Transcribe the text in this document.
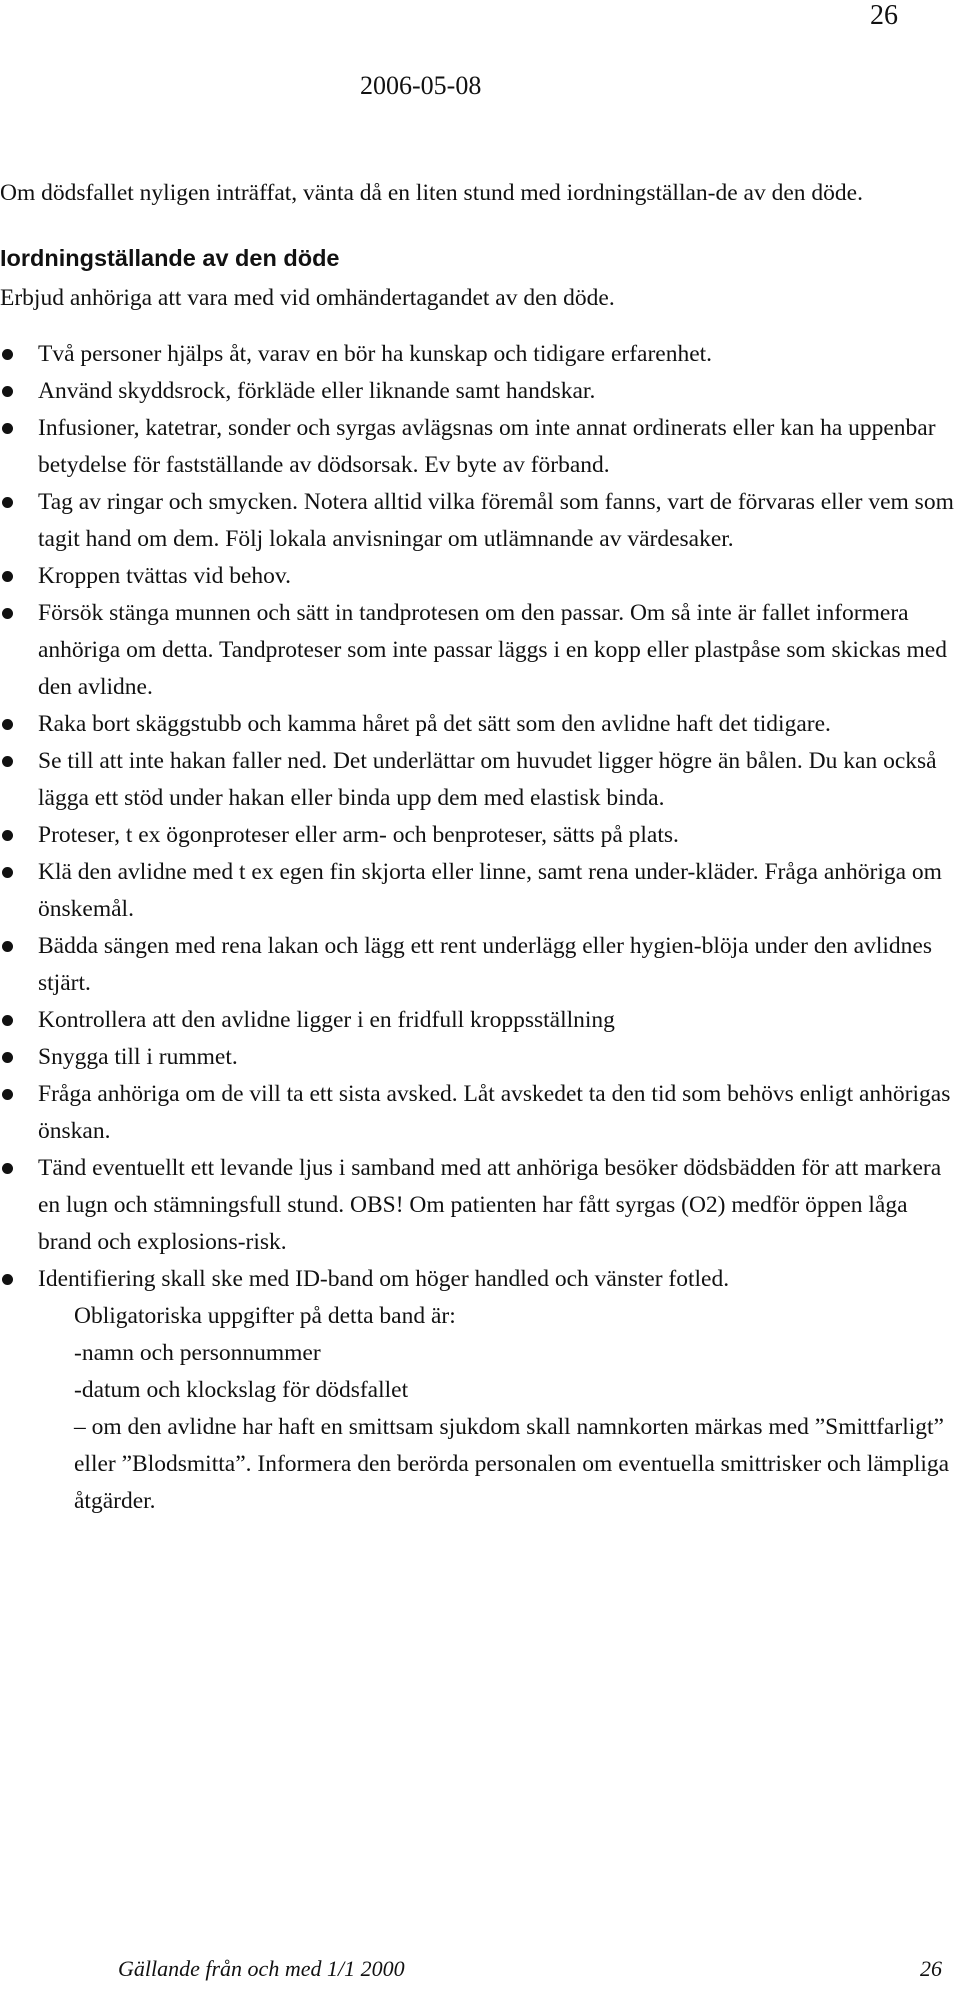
26
2006-05-08

Om dödsfallet nyligen inträffat, vänta då en liten stund med iordningställan-de av den döde.

Iordningställande av den döde

Erbjud anhöriga att vara med vid omhändertagandet av den döde.

Två personer hjälps åt, varav en bör ha kunskap och tidigare erfarenhet.
Använd skyddsrock, förkläde eller liknande samt handskar.
Infusioner, katetrar, sonder och syrgas avlägsnas om inte annat ordinerats eller kan ha uppenbar betydelse för fastställande av dödsorsak. Ev byte av förband.
Tag av ringar och smycken. Notera alltid vilka föremål som fanns, vart de förvaras eller vem som tagit hand om dem. Följ lokala anvisningar om utlämnande av värdesaker.
Kroppen tvättas vid behov.
Försök stänga munnen och sätt in tandprotesen om den passar. Om så inte är fallet informera anhöriga om detta. Tandproteser som inte passar läggs i en kopp eller plastpåse som skickas med den avlidne.
Raka bort skäggstubb och kamma håret på det sätt som den avlidne haft det tidigare.
Se till att inte hakan faller ned. Det underlättar om huvudet ligger högre än bålen. Du kan också lägga ett stöd under hakan eller binda upp dem med elastisk binda.
Proteser, t ex ögonproteser eller arm- och benproteser, sätts på plats.
Klä den avlidne med t ex egen fin skjorta eller linne, samt rena under-kläder. Fråga anhöriga om önskemål.
Bädda sängen med rena lakan och lägg ett rent underlägg eller hygien-blöja under den avlidnes stjärt.
Kontrollera att den avlidne ligger i en fridfull kroppsställning
Snygga till i rummet.
Fråga anhöriga om de vill ta ett sista avsked. Låt avskedet ta den tid som behövs enligt anhörigas önskan.
Tänd eventuellt ett levande ljus i samband med att anhöriga besöker dödsbädden för att markera en lugn och stämningsfull stund. OBS! Om patienten har fått syrgas (O2) medför öppen låga brand och explosions-risk.
Identifiering skall ske med ID-band om höger handled och vänster fotled.
Obligatoriska uppgifter på detta band är:
-namn och personnummer
-datum och klockslag för dödsfallet
– om den avlidne har haft en smittsam sjukdom skall namnkorten märkas med ”Smittfarligt” eller ”Blodsmitta”. Informera den berörda personalen om eventuella smittrisker och lämpliga åtgärder.
Gällande från och med 1/1 2000	26
